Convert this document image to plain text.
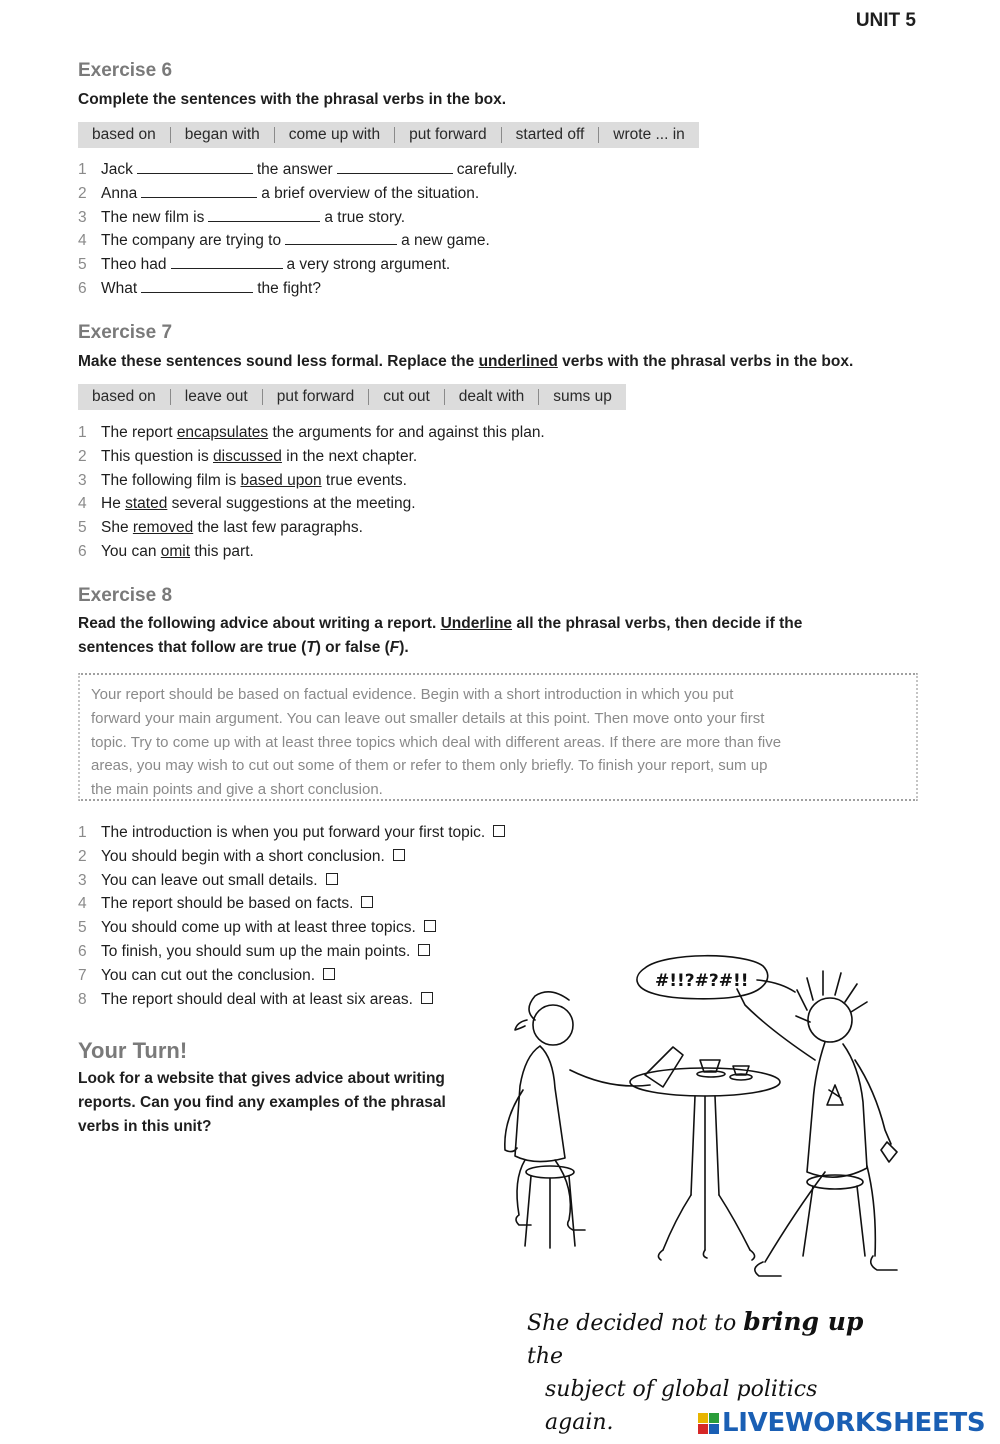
UNIT 5
Exercise 6
Complete the sentences with the phrasal verbs in the box.
based on	began with	come up with	put forward	started off	wrote ... in
1 Jack	the answer	carefully.
2 Anna	a brief overview of the situation.
3 The new film is	a true story.
4 The company are trying to	a new game.
5 Theo had	a very strong argument.
6 What	the fight?
Exercise 7
Make these sentences sound less formal. Replace the underlined verbs with the phrasal verbs in the box.
based on	leave out	put forward	cut out	dealt with	sums up
1 The report encapsulates the arguments for and against this plan.
2 This question is discussed in the next chapter.
3 The following film is based upon true events.
4 He stated several suggestions at the meeting.
5 She removed the last few paragraphs.
6 You can omit this part.
Exercise 8
Read the following advice about writing a report. Underline all the phrasal verbs, then decide if the
sentences that follow are true (T) or false (F).
Your report should be based on factual evidence. Begin with a short introduction in which you put
forward your main argument. You can leave out smaller details at this point. Then move onto your first
topic. Try to come up with at least three topics which deal with different areas. If there are more than five
areas, you may wish to cut out some of them or refer to them only briefly. To finish your report, sum up
the main points and give a short conclusion.
1 The introduction is when you put forward your first topic.
2 You should begin with a short conclusion.
3 You can leave out small details.
4 The report should be based on facts.
5 You should come up with at least three topics.
6 To finish, you should sum up the main points.
7 You can cut out the conclusion.
8 The report should deal with at least six areas.
Your Turn!
Look for a website that gives advice about writing
reports. Can you find any examples of the phrasal
verbs in this unit?
#!!?#?#!!
She decided not to bring up the
subject of global politics again.	LIVEWORKSHEETS
